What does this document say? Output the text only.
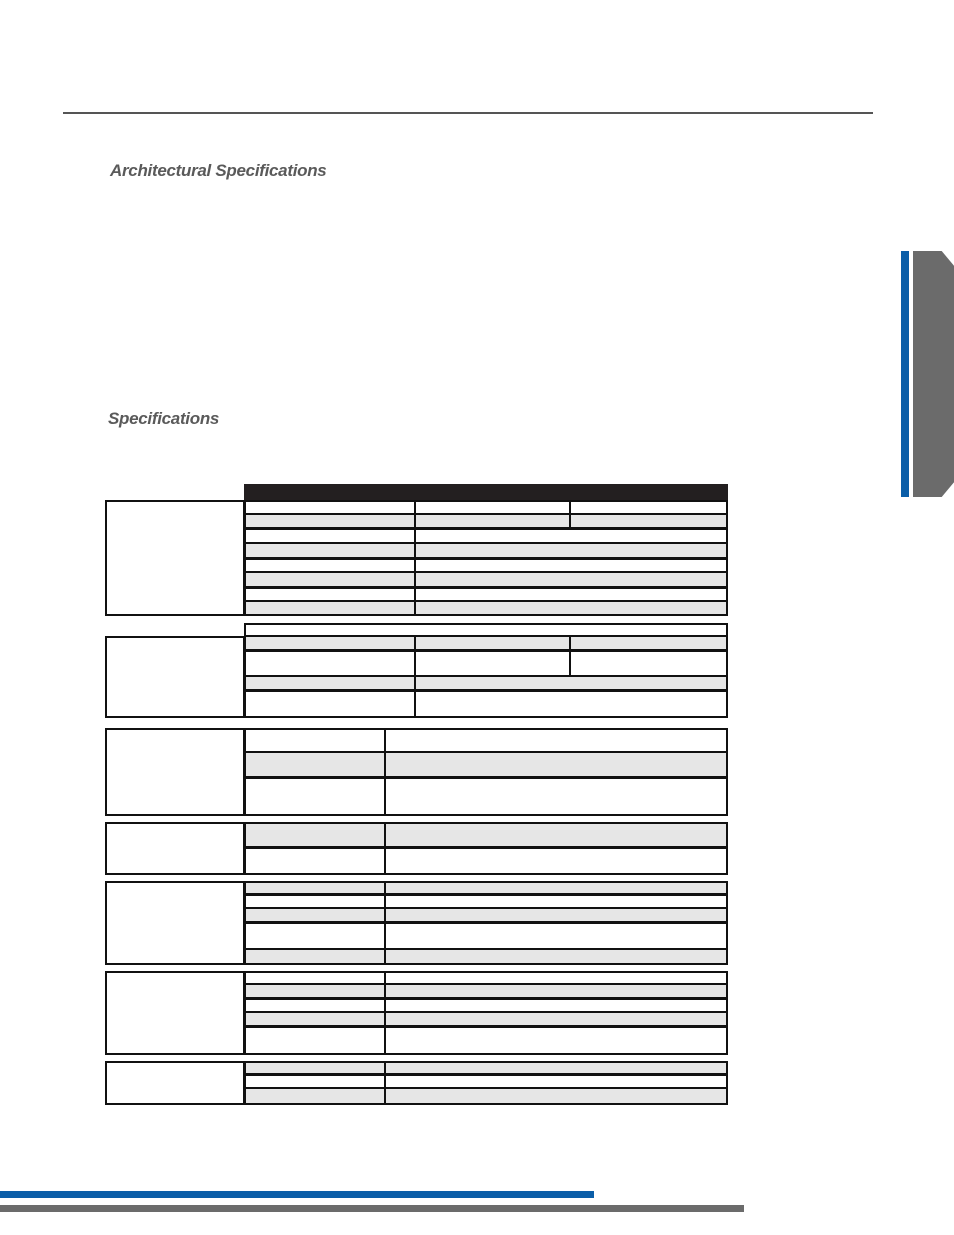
Architectural Specifications
Specifications
